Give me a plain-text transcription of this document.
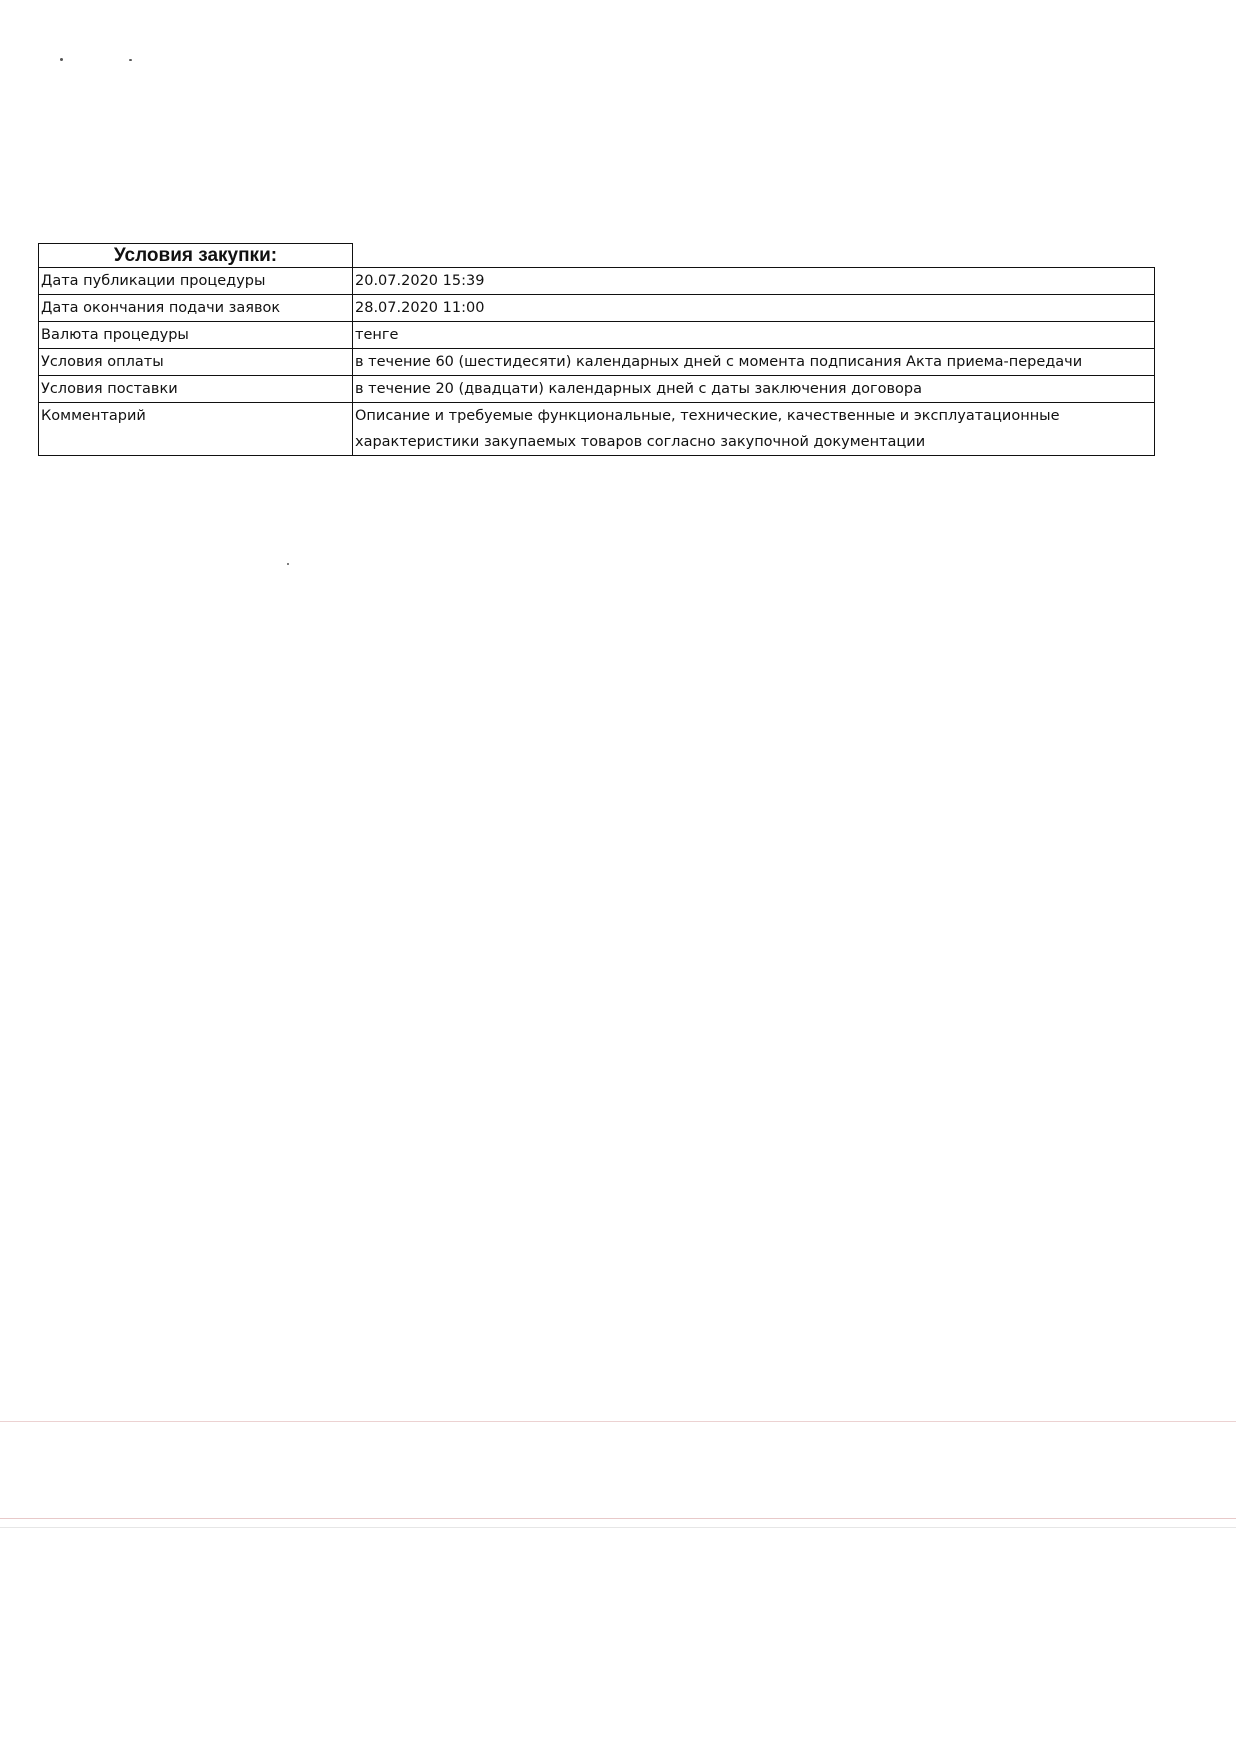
Условия закупки:
Дата публикации процедуры	20.07.2020 15:39
Дата окончания подачи заявок	28.07.2020 11:00
Валюта процедуры	тенге
Условия оплаты	в течение 60 (шестидесяти) календарных дней с момента подписания Акта приема-передачи
Условия поставки	в течение 20 (двадцати) календарных дней с даты заключения договора
Комментарий	Описание и требуемые функциональные, технические, качественные и эксплуатационные характеристики закупаемых товаров согласно закупочной документации
